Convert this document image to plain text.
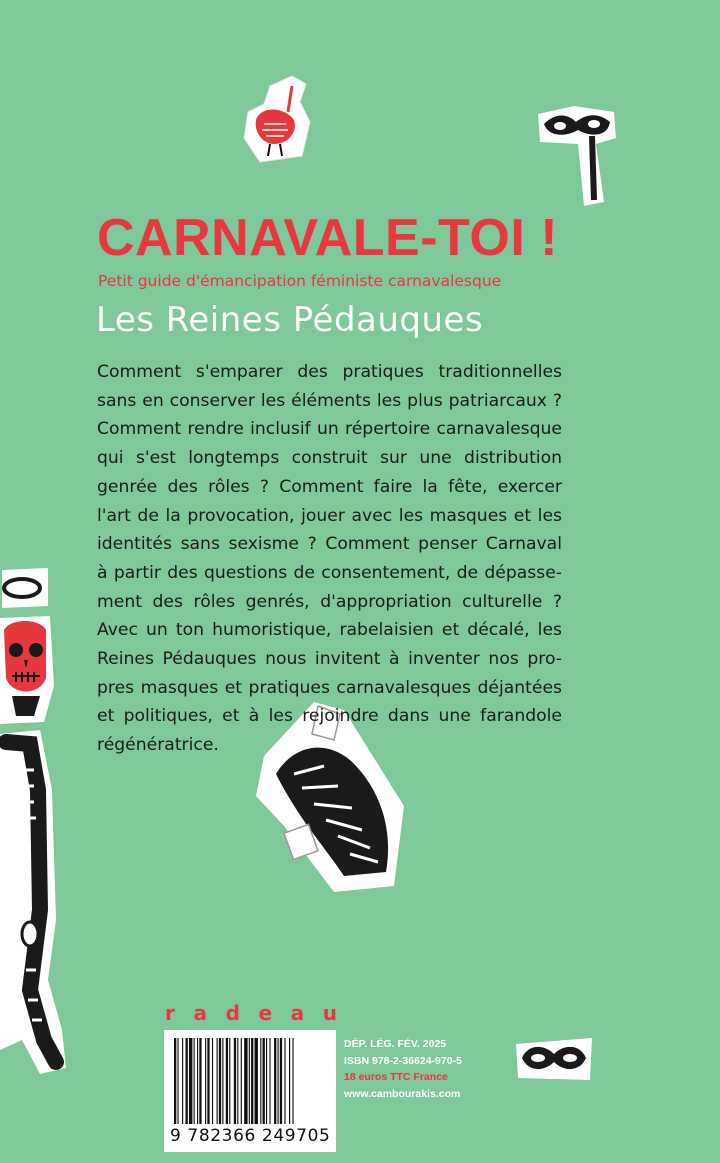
CARNAVALE-TOI !

Petit guide d'émancipation féministe carnavalesque

Les Reines Pédauques

Comment s'emparer des pratiques traditionnelles
sans en conserver les éléments les plus patriarcaux ?
Comment rendre inclusif un répertoire carnavalesque
qui s'est longtemps construit sur une distribution
genrée des rôles ? Comment faire la fête, exercer
l'art de la provocation, jouer avec les masques et les
identités sans sexisme ? Comment penser Carnaval
à partir des questions de consentement, de dépasse-
ment des rôles genrés, d'appropriation culturelle ?
Avec un ton humoristique, rabelaisien et décalé, les
Reines Pédauques nous invitent à inventer nos pro-
pres masques et pratiques carnavalesques déjantées
et politiques, et à les rejoindre dans une farandole
régénératrice.

r a d e a u
9 782366 249705
DÉP. LÉG. FÉV. 2025
ISBN 978-2-36624-970-5
18 euros TTC France
www.cambourakis.com
